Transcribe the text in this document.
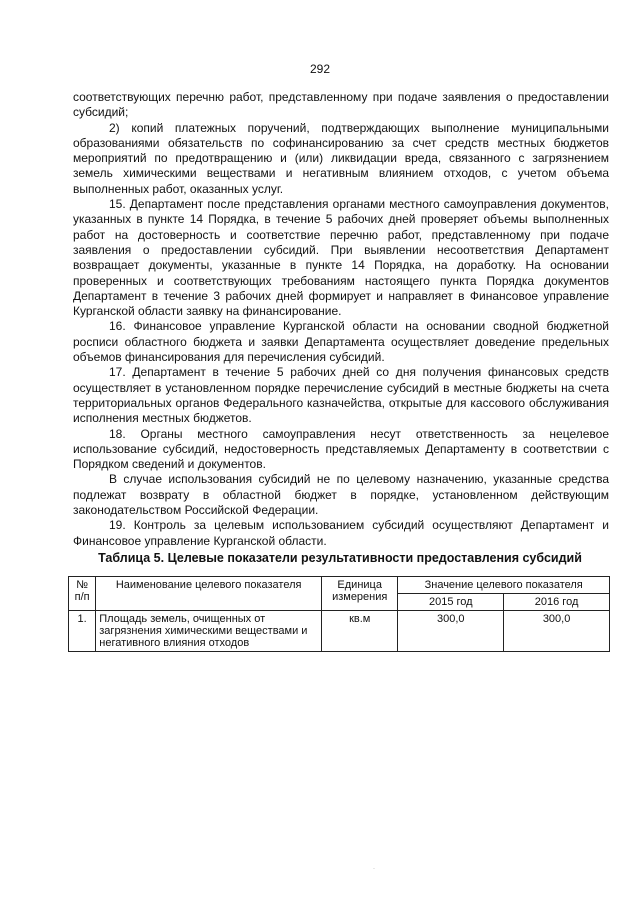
292

соответствующих перечню работ, представленному при подаче заявления о предоставлении субсидий;

2) копий платежных поручений, подтверждающих выполнение муниципальными образованиями обязательств по софинансированию за счет средств местных бюджетов мероприятий по предотвращению и (или) ликвидации вреда, связанного с загрязнением земель химическими веществами и негативным влиянием отходов, с учетом объема выполненных работ, оказанных услуг.

15. Департамент после представления органами местного самоуправления документов, указанных в пункте 14 Порядка, в течение 5 рабочих дней проверяет объемы выполненных работ на достоверность и соответствие перечню работ, представленному при подаче заявления о предоставлении субсидий. При выявлении несоответствия Департамент возвращает документы, указанные в пункте 14 Порядка, на доработку. На основании проверенных и соответствующих требованиям настоящего пункта Порядка документов Департамент в течение 3 рабочих дней формирует и направляет в Финансовое управление Курганской области заявку на финансирование.

16. Финансовое управление Курганской области на основании сводной бюджетной росписи областного бюджета и заявки Департамента осуществляет доведение предельных объемов финансирования для перечисления субсидий.

17. Департамент в течение 5 рабочих дней со дня получения финансовых средств осуществляет в установленном порядке перечисление субсидий в местные бюджеты на счета территориальных органов Федерального казначейства, открытые для кассового обслуживания исполнения местных бюджетов.

18. Органы местного самоуправления несут ответственность за нецелевое использование субсидий, недостоверность представляемых Департаменту в соответствии с Порядком сведений и документов.

В случае использования субсидий не по целевому назначению, указанные средства подлежат возврату в областной бюджет в порядке, установленном действующим законодательством Российской Федерации.

19. Контроль за целевым использованием субсидий осуществляют Департамент и Финансовое управление Курганской области.

Таблица 5. Целевые показатели результативности предоставления субсидий
№ п/п	Наименование целевого показателя	Единица измерения	Значение целевого показателя	
			2015 год	2016 год
1.	Площадь земель, очищенных от загрязнения химическими веществами и негативного влияния отходов	кв.м	300,0	300,0
·
